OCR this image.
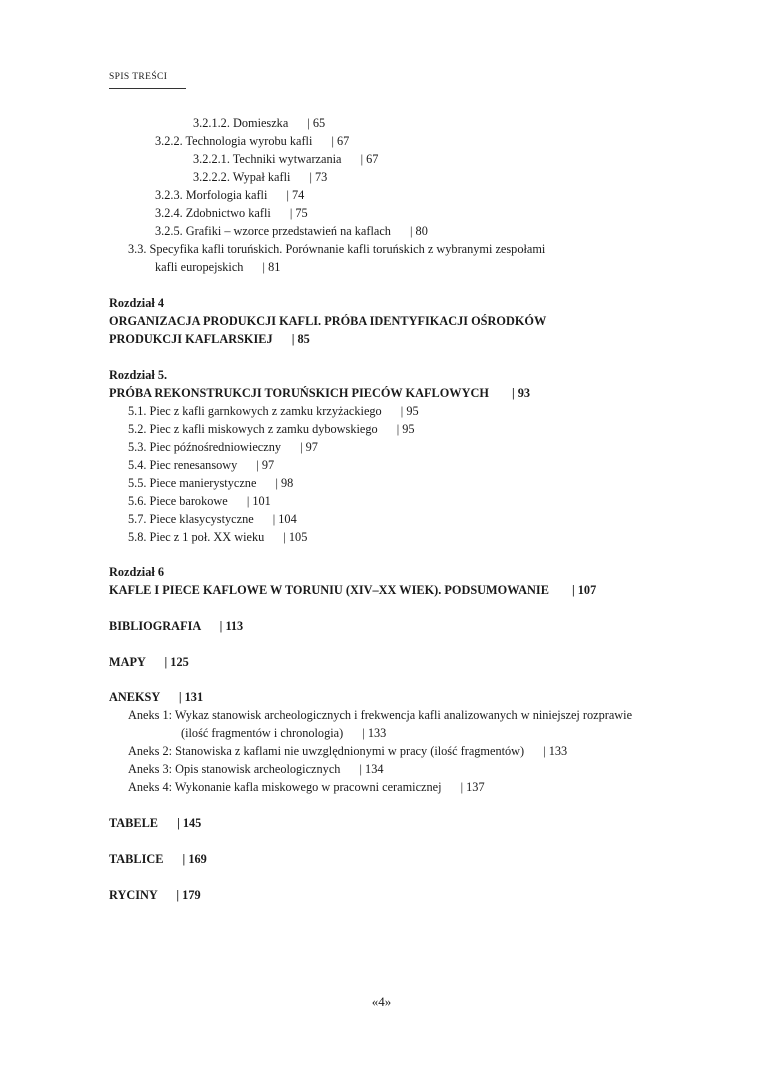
SPIS TREŚCI
3.2.1.2. Domieszka | 65
3.2.2. Technologia wyrobu kafli | 67
3.2.2.1. Techniki wytwarzania | 67
3.2.2.2. Wypał kafli | 73
3.2.3. Morfologia kafli | 74
3.2.4. Zdobnictwo kafli | 75
3.2.5. Grafiki – wzorce przedstawień na kaflach | 80
3.3. Specyfika kafli toruńskich. Porównanie kafli toruńskich z wybranymi zespołami
kafli europejskich | 81
Rozdział 4
ORGANIZACJA PRODUKCJI KAFLI. PRÓBA IDENTYFIKACJI OŚRODKÓW
PRODUKCJI KAFLARSKIEJ | 85
Rozdział 5.
PRÓBA REKONSTRUKCJI TORUŃSKICH PIECÓW KAFLOWYCH | 93
5.1. Piec z kafli garnkowych z zamku krzyżackiego | 95
5.2. Piec z kafli miskowych z zamku dybowskiego | 95
5.3. Piec późnośredniowieczny | 97
5.4. Piec renesansowy | 97
5.5. Piece manierystyczne | 98
5.6. Piece barokowe | 101
5.7. Piece klasycystyczne | 104
5.8. Piec z 1 poł. XX wieku | 105
Rozdział 6
KAFLE I PIECE KAFLOWE W TORUNIU (XIV–XX WIEK). PODSUMOWANIE | 107
BIBLIOGRAFIA | 113
MAPY | 125
ANEKSY | 131
Aneks 1: Wykaz stanowisk archeologicznych i frekwencja kafli analizowanych w niniejszej rozprawie
(ilość fragmentów i chronologia) | 133
Aneks 2: Stanowiska z kaflami nie uwzględnionymi w pracy (ilość fragmentów) | 133
Aneks 3: Opis stanowisk archeologicznych | 134
Aneks 4: Wykonanie kafla miskowego w pracowni ceramicznej | 137
TABELE | 145
TABLICE | 169
RYCINY | 179
«4»
